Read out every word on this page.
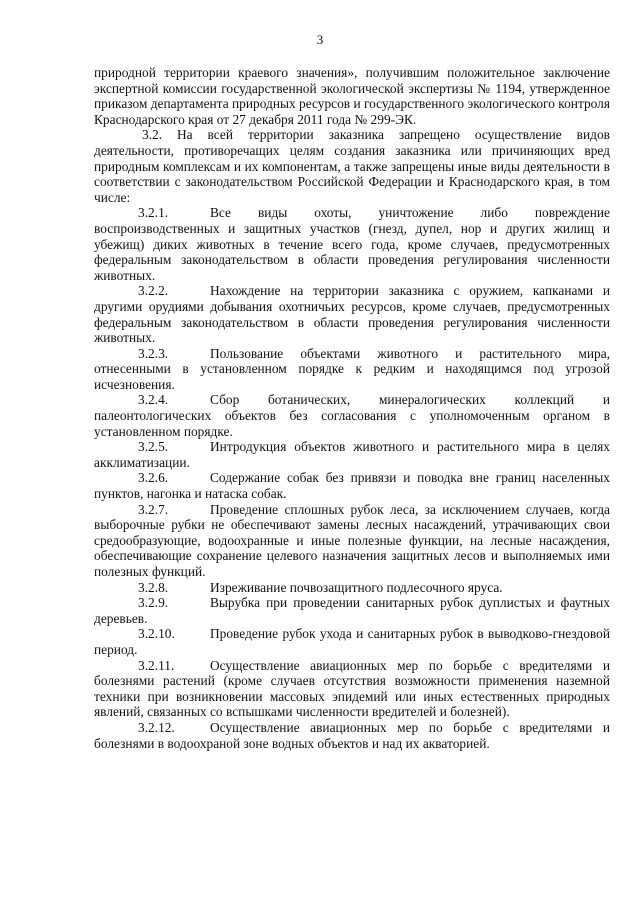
3

природной территории краевого значения», получившим положительное заключение экспертной комиссии государственной экологической экспертизы № 1194, утвержденное приказом департамента природных ресурсов и государственного экологического контроля Краснодарского края от 27 декабря 2011 года № 299-ЭК.

3.2. На всей территории заказника запрещено осуществление видов деятельности, противоречащих целям создания заказника или причиняющих вред природным комплексам и их компонентам, а также запрещены иные виды деятельности в соответствии с законодательством Российской Федерации и Краснодарского края, в том числе:

3.2.1.	Все виды охоты, уничтожение либо повреждение воспроизводственных и защитных участков (гнезд, дупел, нор и других жилищ и убежищ) диких животных в течение всего года, кроме случаев, предусмотренных федеральным законодательством в области проведения регулирования численности животных.

3.2.2.	Нахождение на территории заказника с оружием, капканами и другими орудиями добывания охотничьих ресурсов, кроме случаев, предусмотренных федеральным законодательством в области проведения регулирования численности животных.

3.2.3.	Пользование объектами животного и растительного мира, отнесенными в установленном порядке к редким и находящимся под угрозой исчезновения.

3.2.4.	Сбор ботанических, минералогических коллекций и палеонтологических объектов без согласования с уполномоченным органом в установленном порядке.

3.2.5.	Интродукция объектов животного и растительного мира в целях акклиматизации.

3.2.6.	Содержание собак без привязи и поводка вне границ населенных пунктов, нагонка и натаска собак.

3.2.7.	Проведение сплошных рубок леса, за исключением случаев, когда выборочные рубки не обеспечивают замены лесных насаждений, утрачивающих свои средообразующие, водоохранные и иные полезные функции, на лесные насаждения, обеспечивающие сохранение целевого назначения защитных лесов и выполняемых ими полезных функций.

3.2.8.	Изреживание почвозащитного подлесочного яруса.

3.2.9.	Вырубка при проведении санитарных рубок дуплистых и фаутных деревьев.

3.2.10.	Проведение рубок ухода и санитарных рубок в выводково-гнездовой период.

3.2.11.	Осуществление авиационных мер по борьбе с вредителями и болезнями растений (кроме случаев отсутствия возможности применения наземной техники при возникновении массовых эпидемий или иных естественных природных явлений, связанных со вспышками численности вредителей и болезней).

3.2.12.	Осуществление авиационных мер по борьбе с вредителями и болезнями в водоохраной зоне водных объектов и над их акваторией.
